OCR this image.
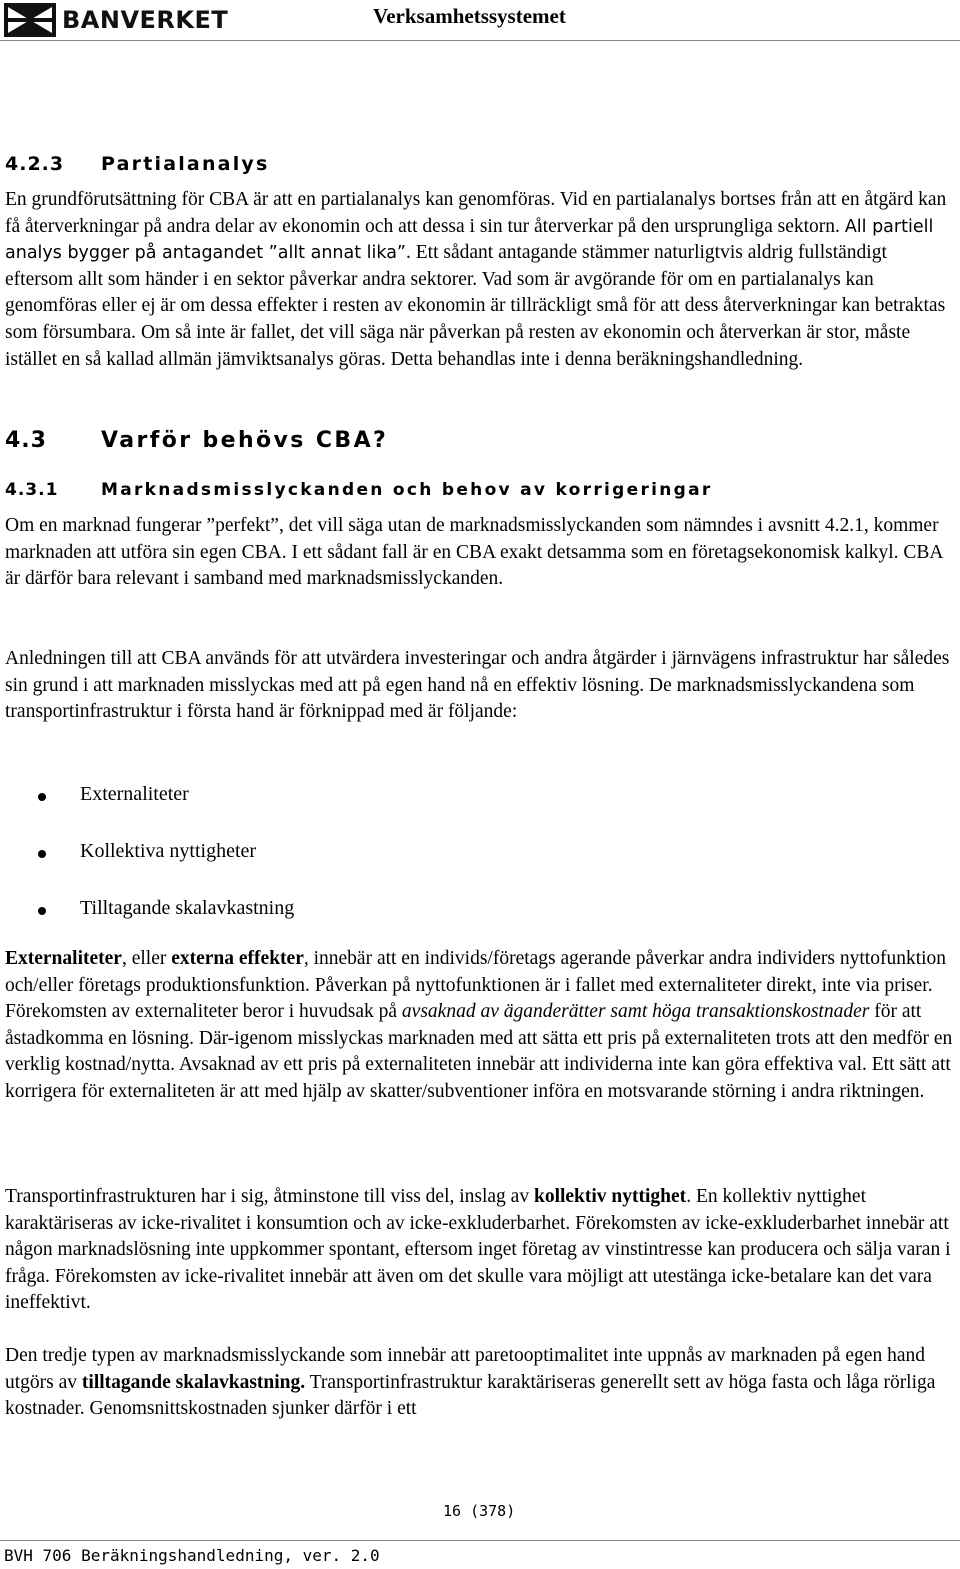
BANVERKET	Verksamhetssystemet
4.2.3 Partialanalys

En grundförutsättning för CBA är att en partialanalys kan genomföras. Vid en partialanalys bortses från att en åtgärd kan få återverkningar på andra delar av ekonomin och att dessa i sin tur återverkar på den ursprungliga sektorn. All partiell analys bygger på antagandet ”allt annat lika”. Ett sådant antagande stämmer naturligtvis aldrig fullständigt eftersom allt som händer i en sektor påverkar andra sektorer. Vad som är avgörande för om en partialanalys kan genomföras eller ej är om dessa effekter i resten av ekonomin är tillräckligt små för att dess återverkningar kan betraktas som försumbara. Om så inte är fallet, det vill säga när påverkan på resten av ekonomin och återverkan är stor, måste istället en så kallad allmän jämviktsanalys göras. Detta behandlas inte i denna beräkningshandledning.

4.3 Varför behövs CBA?
4.3.1	Marknadsmisslyckanden och behov av korrigeringar

Om en marknad fungerar ”perfekt”, det vill säga utan de marknadsmisslyckanden som nämndes i avsnitt 4.2.1, kommer marknaden att utföra sin egen CBA. I ett sådant fall är en CBA exakt detsamma som en företagsekonomisk kalkyl. CBA är därför bara relevant i samband med marknadsmisslyckanden.

Anledningen till att CBA används för att utvärdera investeringar och andra åtgärder i järnvägens infrastruktur har således sin grund i att marknaden misslyckas med att på egen hand nå en effektiv lösning. De marknadsmisslyckandena som transportinfrastruktur i första hand är förknippad med är följande:

Externaliteter
Kollektiva nyttigheter
Tilltagande skalavkastning

Externaliteter, eller externa effekter, innebär att en individs/företags agerande påverkar andra individers nyttofunktion och/eller företags produktionsfunktion. Påverkan på nyttofunktionen är i fallet med externaliteter direkt, inte via priser. Förekomsten av externaliteter beror i huvudsak på avsaknad av äganderätter samt höga transaktionskostnader för att åstadkomma en lösning. Där-igenom misslyckas marknaden med att sätta ett pris på externaliteten trots att den medför en verklig kostnad/nytta. Avsaknad av ett pris på externaliteten innebär att individerna inte kan göra effektiva val. Ett sätt att korrigera för externaliteten är att med hjälp av skatter/subventioner införa en motsvarande störning i andra riktningen.

Transportinfrastrukturen har i sig, åtminstone till viss del, inslag av kollektiv nyttighet. En kollektiv nyttighet karaktäriseras av icke-rivalitet i konsumtion och av icke-exkluderbarhet. Förekomsten av icke-exkluderbarhet innebär att någon marknadslösning inte uppkommer spontant, eftersom inget företag av vinstintresse kan producera och sälja varan i fråga. Förekomsten av icke-rivalitet innebär att även om det skulle vara möjligt att utestänga icke-betalare kan det vara ineffektivt.

Den tredje typen av marknadsmisslyckande som innebär att paretooptimalitet inte uppnås av marknaden på egen hand utgörs av tilltagande skalavkastning. Transportinfrastruktur karaktäriseras generellt sett av höga fasta och låga rörliga kostnader. Genomsnittskostnaden sjunker därför i ett

16 (378)
BVH 706 Beräkningshandledning, ver. 2.0
